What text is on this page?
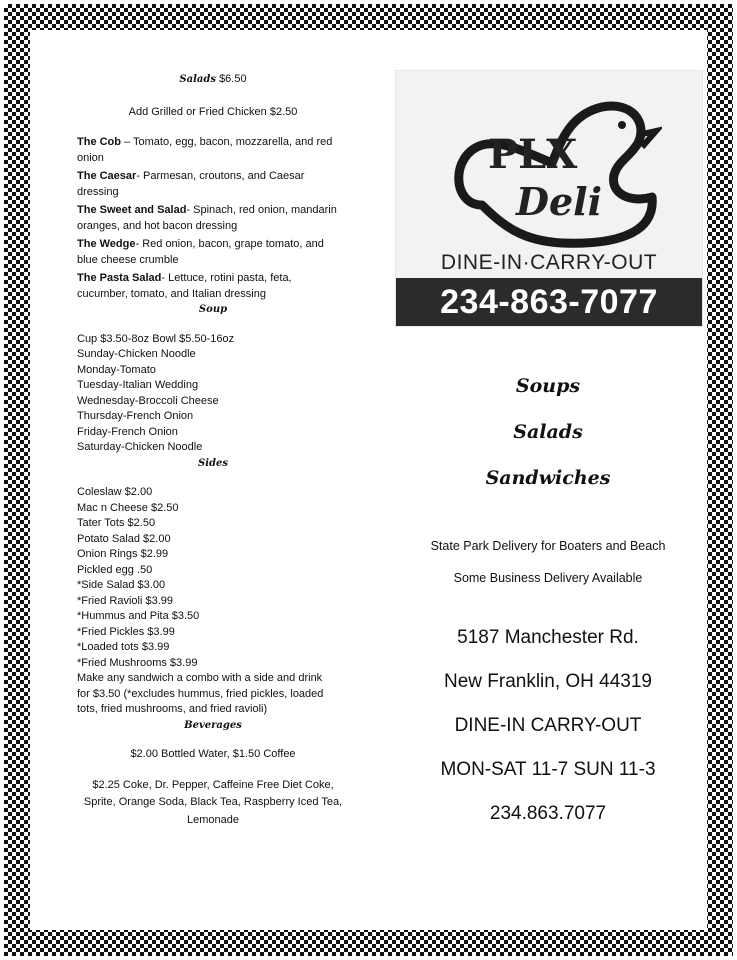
Salads $6.50
Add Grilled or Fried Chicken $2.50
The Cob – Tomato, egg, bacon, mozzarella, and red
onion
The Caesar- Parmesan, croutons, and Caesar
dressing
The Sweet and Salad- Spinach, red onion, mandarin
oranges, and hot bacon dressing
The Wedge- Red onion, bacon, grape tomato, and
blue cheese crumble
The Pasta Salad- Lettuce, rotini pasta, feta,
cucumber, tomato, and Italian dressing
Soup
Cup $3.50-8oz Bowl $5.50-16oz
Sunday-Chicken Noodle
Monday-Tomato
Tuesday-Italian Wedding
Wednesday-Broccoli Cheese
Thursday-French Onion
Friday-French Onion
Saturday-Chicken Noodle
Sides
Coleslaw $2.00
Mac n Cheese $2.50
Tater Tots $2.50
Potato Salad $2.00
Onion Rings $2.99
Pickled egg .50
*Side Salad $3.00
*Fried Ravioli $3.99
*Hummus and Pita $3.50
*Fried Pickles $3.99
*Loaded tots $3.99
*Fried Mushrooms $3.99
Make any sandwich a combo with a side and drink
for $3.50 (*excludes hummus, fried pickles, loaded
tots, fried mushrooms, and fried ravioli)
Beverages
$2.00 Bottled Water, $1.50 Coffee
$2.25 Coke, Dr. Pepper, Caffeine Free Diet Coke,
Sprite, Orange Soda, Black Tea, Raspberry Iced Tea,
Lemonade
PLX
Deli
DINE-IN·CARRY-OUT
234-863-7077
Soups
Salads
Sandwiches
State Park Delivery for Boaters and Beach
Some Business Delivery Available
5187 Manchester Rd.
New Franklin, OH 44319
DINE-IN CARRY-OUT
MON-SAT 11-7 SUN 11-3
234.863.7077
